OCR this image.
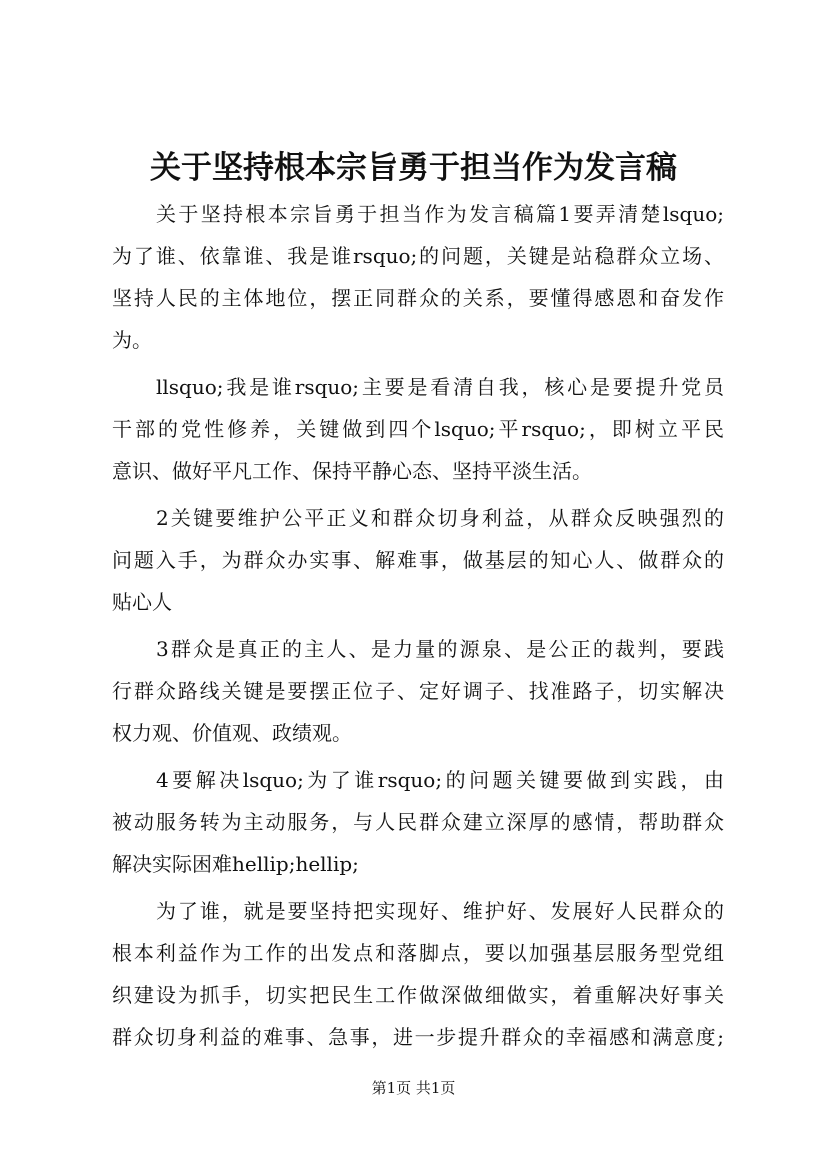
关于坚持根本宗旨勇于担当作为发言稿
关于坚持根本宗旨勇于担当作为发言稿篇1要弄清楚lsquo;
为了谁、依靠谁、我是谁rsquo;的问题，关键是站稳群众立场、
坚持人民的主体地位，摆正同群众的关系，要懂得感恩和奋发作
为。
llsquo;我是谁rsquo;主要是看清自我，核心是要提升党员
干部的党性修养，关键做到四个lsquo;平rsquo;，即树立平民
意识、做好平凡工作、保持平静心态、坚持平淡生活。
2关键要维护公平正义和群众切身利益，从群众反映强烈的
问题入手，为群众办实事、解难事，做基层的知心人、做群众的
贴心人
3群众是真正的主人、是力量的源泉、是公正的裁判，要践
行群众路线关键是要摆正位子、定好调子、找准路子，切实解决
权力观、价值观、政绩观。
4要解决lsquo;为了谁rsquo;的问题关键要做到实践，由
被动服务转为主动服务，与人民群众建立深厚的感情，帮助群众
解决实际困难hellip;hellip;
为了谁，就是要坚持把实现好、维护好、发展好人民群众的
根本利益作为工作的出发点和落脚点，要以加强基层服务型党组
织建设为抓手，切实把民生工作做深做细做实，着重解决好事关
群众切身利益的难事、急事，进一步提升群众的幸福感和满意度;
第1页 共1页
